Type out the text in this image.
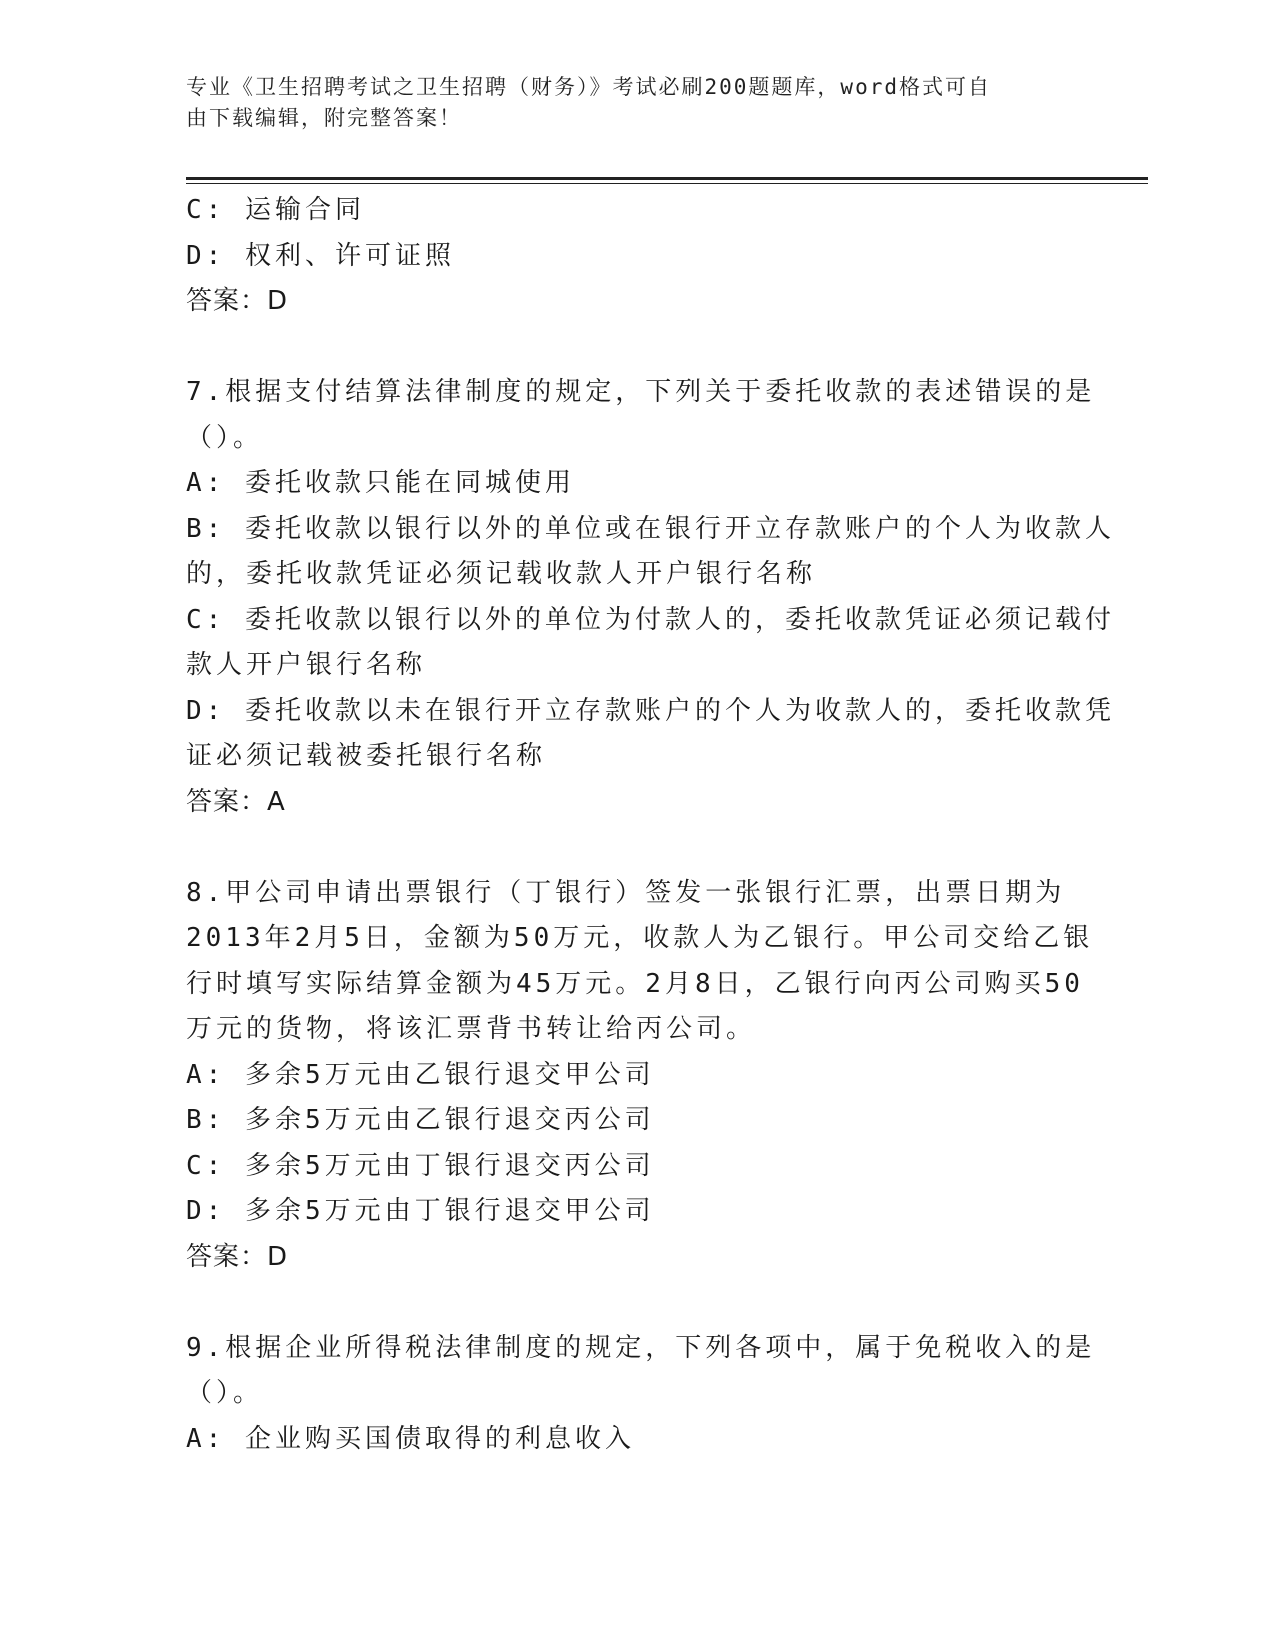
专业《卫生招聘考试之卫生招聘（财务）》考试必刷200题题库，word格式可自
由下载编辑，附完整答案！
C: 运输合同
D: 权利、许可证照
答案：D
7.根据支付结算法律制度的规定，下列关于委托收款的表述错误的是
（）。
A: 委托收款只能在同城使用
B: 委托收款以银行以外的单位或在银行开立存款账户的个人为收款人
的，委托收款凭证必须记载收款人开户银行名称
C: 委托收款以银行以外的单位为付款人的，委托收款凭证必须记载付
款人开户银行名称
D: 委托收款以未在银行开立存款账户的个人为收款人的，委托收款凭
证必须记载被委托银行名称
答案：A
8.甲公司申请出票银行（丁银行）签发一张银行汇票，出票日期为
2013年2月5日，金额为50万元，收款人为乙银行。甲公司交给乙银
行时填写实际结算金额为45万元。2月8日，乙银行向丙公司购买50
万元的货物，将该汇票背书转让给丙公司。
A: 多余5万元由乙银行退交甲公司
B: 多余5万元由乙银行退交丙公司
C: 多余5万元由丁银行退交丙公司
D: 多余5万元由丁银行退交甲公司
答案：D
9.根据企业所得税法律制度的规定，下列各项中，属于免税收入的是
（）。
A: 企业购买国债取得的利息收入
